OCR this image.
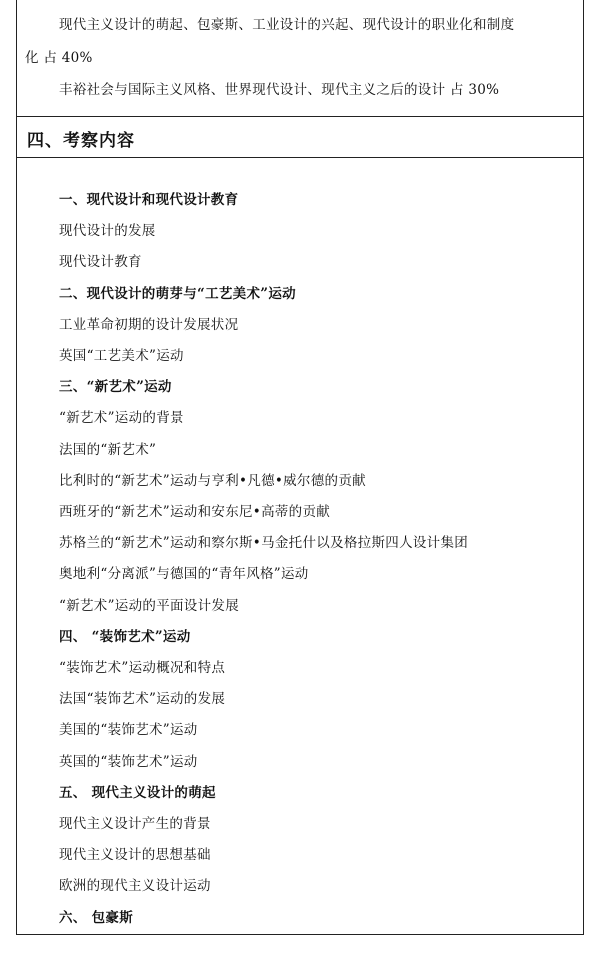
现代主义设计的萌起、包豪斯、工业设计的兴起、现代设计的职业化和制度
化 占 40%
丰裕社会与国际主义风格、世界现代设计、现代主义之后的设计 占 30%
四、考察内容
一、现代设计和现代设计教育
现代设计的发展
现代设计教育
二、现代设计的萌芽与“工艺美术”运动
工业革命初期的设计发展状况
英国“工艺美术”运动
三、“新艺术”运动
“新艺术”运动的背景
法国的“新艺术”
比利时的“新艺术”运动与亨利•凡德•威尔德的贡献
西班牙的“新艺术”运动和安东尼•高蒂的贡献
苏格兰的“新艺术”运动和察尔斯•马金托什以及格拉斯四人设计集团
奥地利“分离派”与德国的“青年风格”运动
“新艺术”运动的平面设计发展
四、 “装饰艺术”运动
“装饰艺术”运动概况和特点
法国“装饰艺术”运动的发展
美国的“装饰艺术”运动
英国的“装饰艺术”运动
五、 现代主义设计的萌起
现代主义设计产生的背景
现代主义设计的思想基础
欧洲的现代主义设计运动
六、 包豪斯
